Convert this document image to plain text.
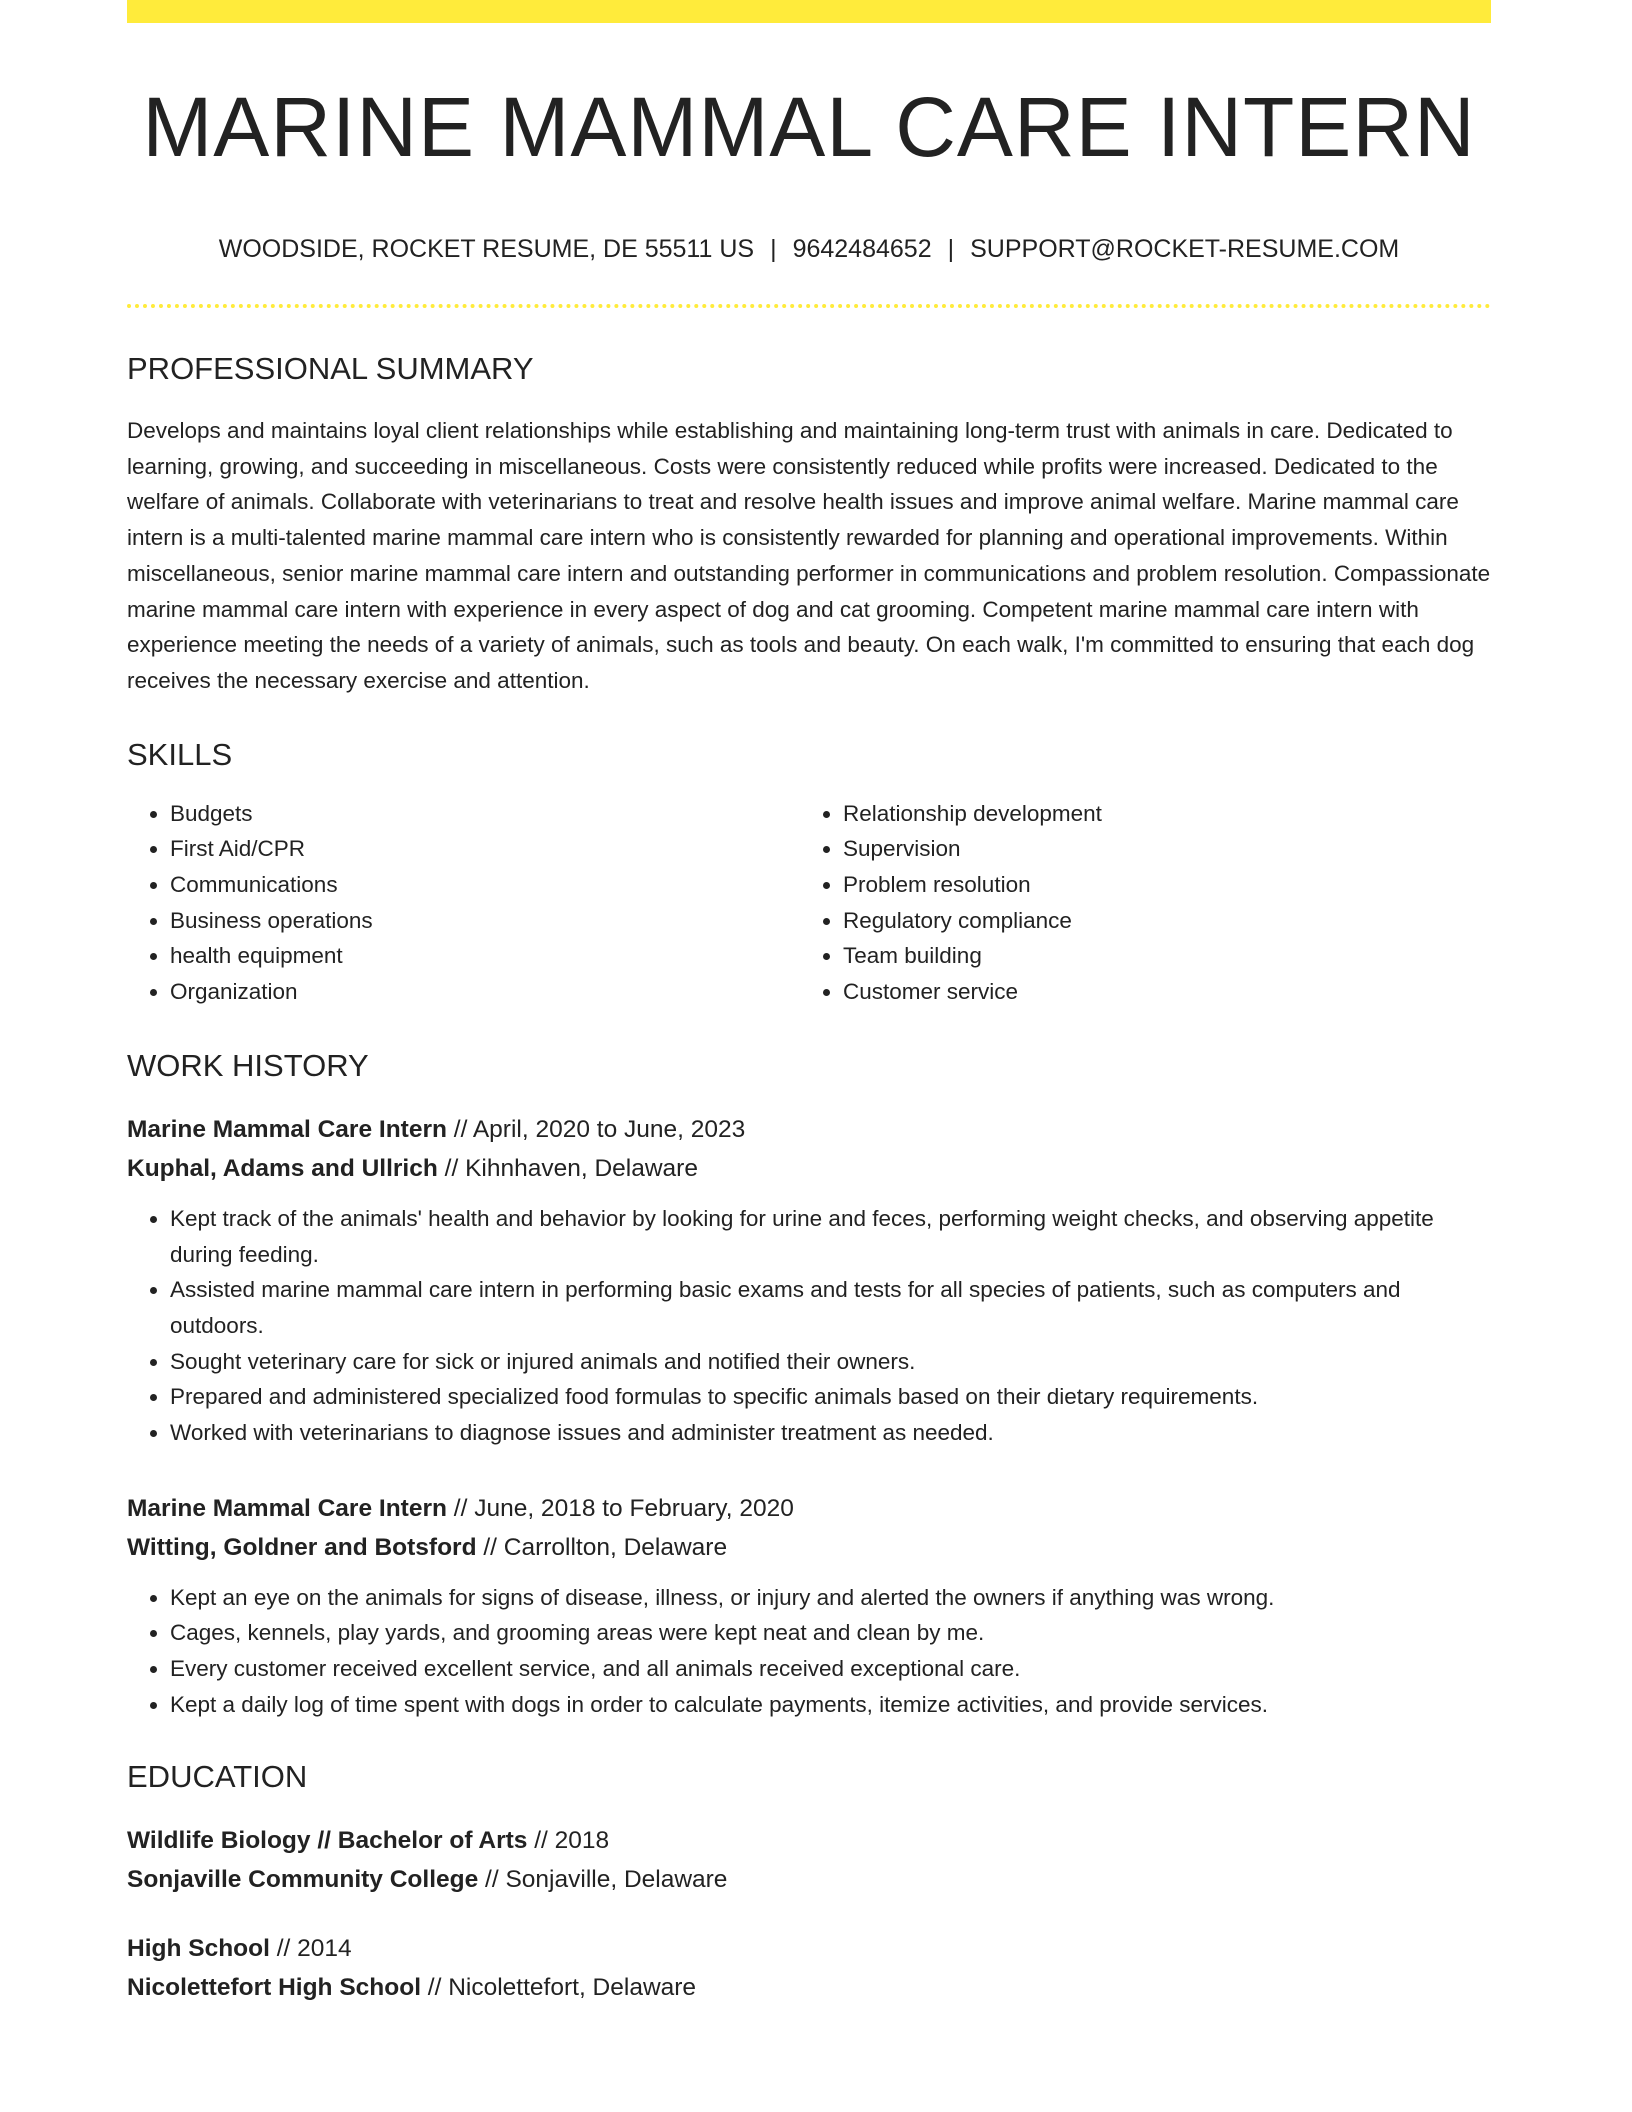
MARINE MAMMAL CARE INTERN
WOODSIDE, ROCKET RESUME, DE 55511 US | 9642484652 | SUPPORT@ROCKET-RESUME.COM
PROFESSIONAL SUMMARY
Develops and maintains loyal client relationships while establishing and maintaining long-term trust with animals in care. Dedicated to learning, growing, and succeeding in miscellaneous. Costs were consistently reduced while profits were increased. Dedicated to the welfare of animals. Collaborate with veterinarians to treat and resolve health issues and improve animal welfare. Marine mammal care intern is a multi-talented marine mammal care intern who is consistently rewarded for planning and operational improvements. Within miscellaneous, senior marine mammal care intern and outstanding performer in communications and problem resolution. Compassionate marine mammal care intern with experience in every aspect of dog and cat grooming. Competent marine mammal care intern with experience meeting the needs of a variety of animals, such as tools and beauty. On each walk, I'm committed to ensuring that each dog receives the necessary exercise and attention.
SKILLS
• Budgets
• First Aid/CPR
• Communications
• Business operations
• health equipment
• Organization
• Relationship development
• Supervision
• Problem resolution
• Regulatory compliance
• Team building
• Customer service
WORK HISTORY
Marine Mammal Care Intern // April, 2020 to June, 2023
Kuphal, Adams and Ullrich // Kihnhaven, Delaware
• Kept track of the animals' health and behavior by looking for urine and feces, performing weight checks, and observing appetite during feeding.
• Assisted marine mammal care intern in performing basic exams and tests for all species of patients, such as computers and outdoors.
• Sought veterinary care for sick or injured animals and notified their owners.
• Prepared and administered specialized food formulas to specific animals based on their dietary requirements.
• Worked with veterinarians to diagnose issues and administer treatment as needed.
Marine Mammal Care Intern // June, 2018 to February, 2020
Witting, Goldner and Botsford // Carrollton, Delaware
• Kept an eye on the animals for signs of disease, illness, or injury and alerted the owners if anything was wrong.
• Cages, kennels, play yards, and grooming areas were kept neat and clean by me.
• Every customer received excellent service, and all animals received exceptional care.
• Kept a daily log of time spent with dogs in order to calculate payments, itemize activities, and provide services.
EDUCATION
Wildlife Biology // Bachelor of Arts // 2018
Sonjaville Community College // Sonjaville, Delaware
High School // 2014
Nicolettefort High School // Nicolettefort, Delaware
